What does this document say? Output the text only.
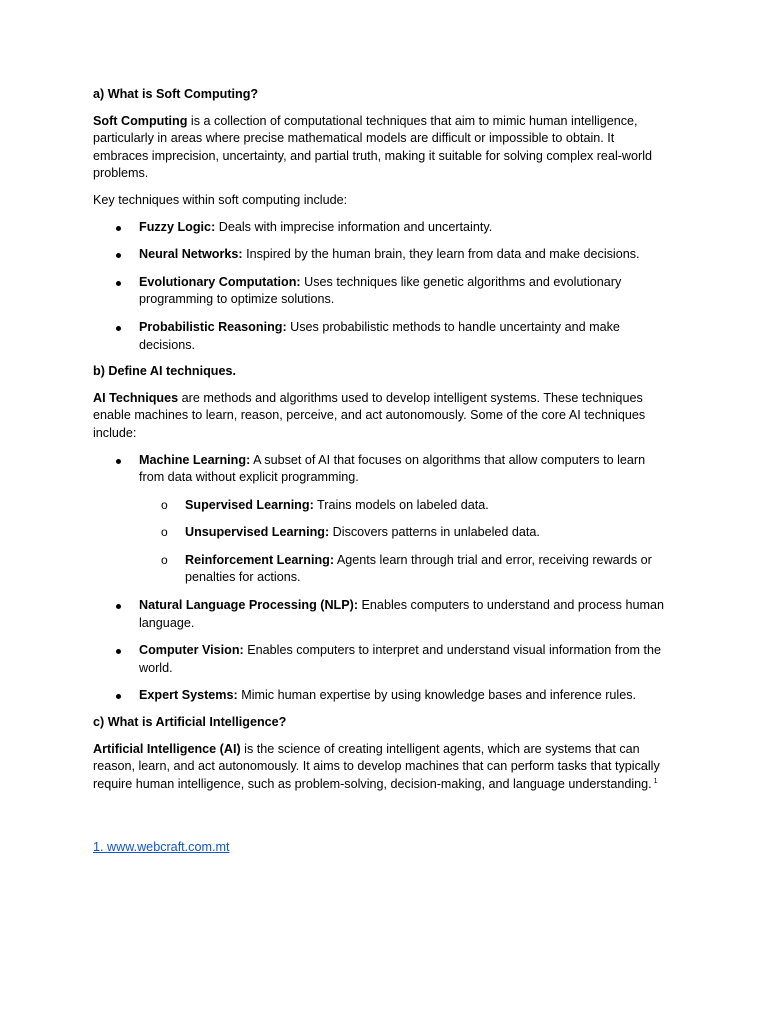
a) What is Soft Computing?

Soft Computing is a collection of computational techniques that aim to mimic human intelligence, particularly in areas where precise mathematical models are difficult or impossible to obtain. It embraces imprecision, uncertainty, and partial truth, making it suitable for solving complex real-world problems.

Key techniques within soft computing include:

Fuzzy Logic: Deals with imprecise information and uncertainty.
Neural Networks: Inspired by the human brain, they learn from data and make decisions.
Evolutionary Computation: Uses techniques like genetic algorithms and evolutionary programming to optimize solutions.
Probabilistic Reasoning: Uses probabilistic methods to handle uncertainty and make decisions.

b) Define AI techniques.

AI Techniques are methods and algorithms used to develop intelligent systems. These techniques enable machines to learn, reason, perceive, and act autonomously. Some of the core AI techniques include:

Machine Learning: A subset of AI that focuses on algorithms that allow computers to learn from data without explicit programming.
o Supervised Learning: Trains models on labeled data.
o Unsupervised Learning: Discovers patterns in unlabeled data.
o Reinforcement Learning: Agents learn through trial and error, receiving rewards or penalties for actions.
Natural Language Processing (NLP): Enables computers to understand and process human language.
Computer Vision: Enables computers to interpret and understand visual information from the world.
Expert Systems: Mimic human expertise by using knowledge bases and inference rules.

c) What is Artificial Intelligence?

Artificial Intelligence (AI) is the science of creating intelligent agents, which are systems that can reason, learn, and act autonomously. It aims to develop machines that can perform tasks that typically require human intelligence, such as problem-solving, decision-making, and language understanding. $^1$

1. www.webcraft.com.mt
